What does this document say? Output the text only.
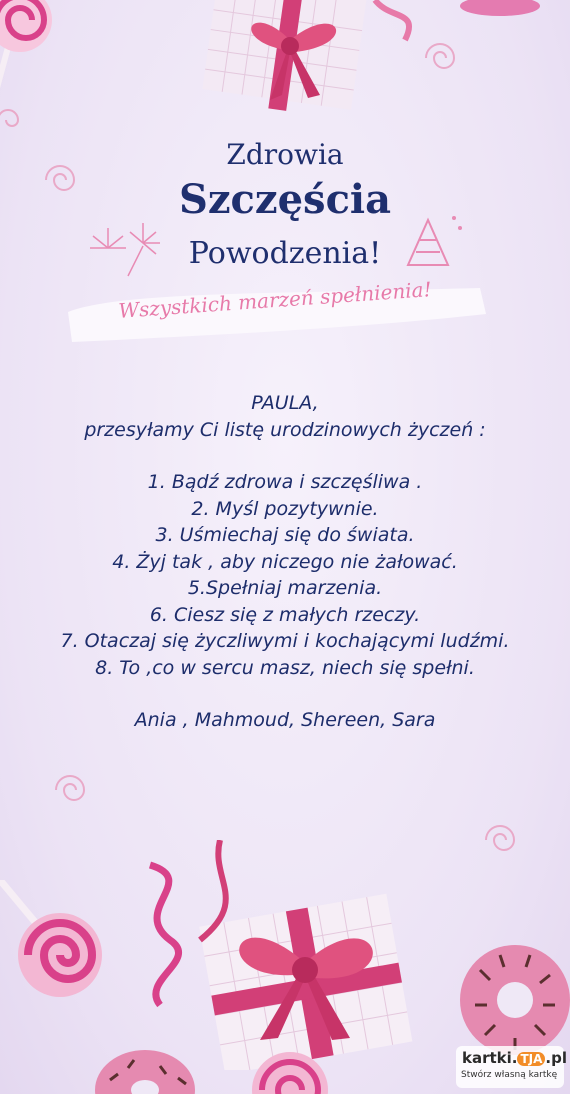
Zdrowia
Szczęścia
Powodzenia!
Wszystkich marzeń spełnienia!
PAULA,
przesyłamy Ci listę urodzinowych życzeń :
1. Bądź zdrowa i szczęśliwa .
2. Myśl pozytywnie.
3. Uśmiechaj się do świata.
4. Żyj tak , aby niczego nie żałować.
5.Spełniaj marzenia.
6. Ciesz się z małych rzeczy.
7. Otaczaj się życzliwymi i kochającymi ludźmi.
8. To ,co w sercu masz, niech się spełni.
Ania , Mahmoud, Shereen, Sara
kartki. TJA .pl
Stwórz własną kartkę
